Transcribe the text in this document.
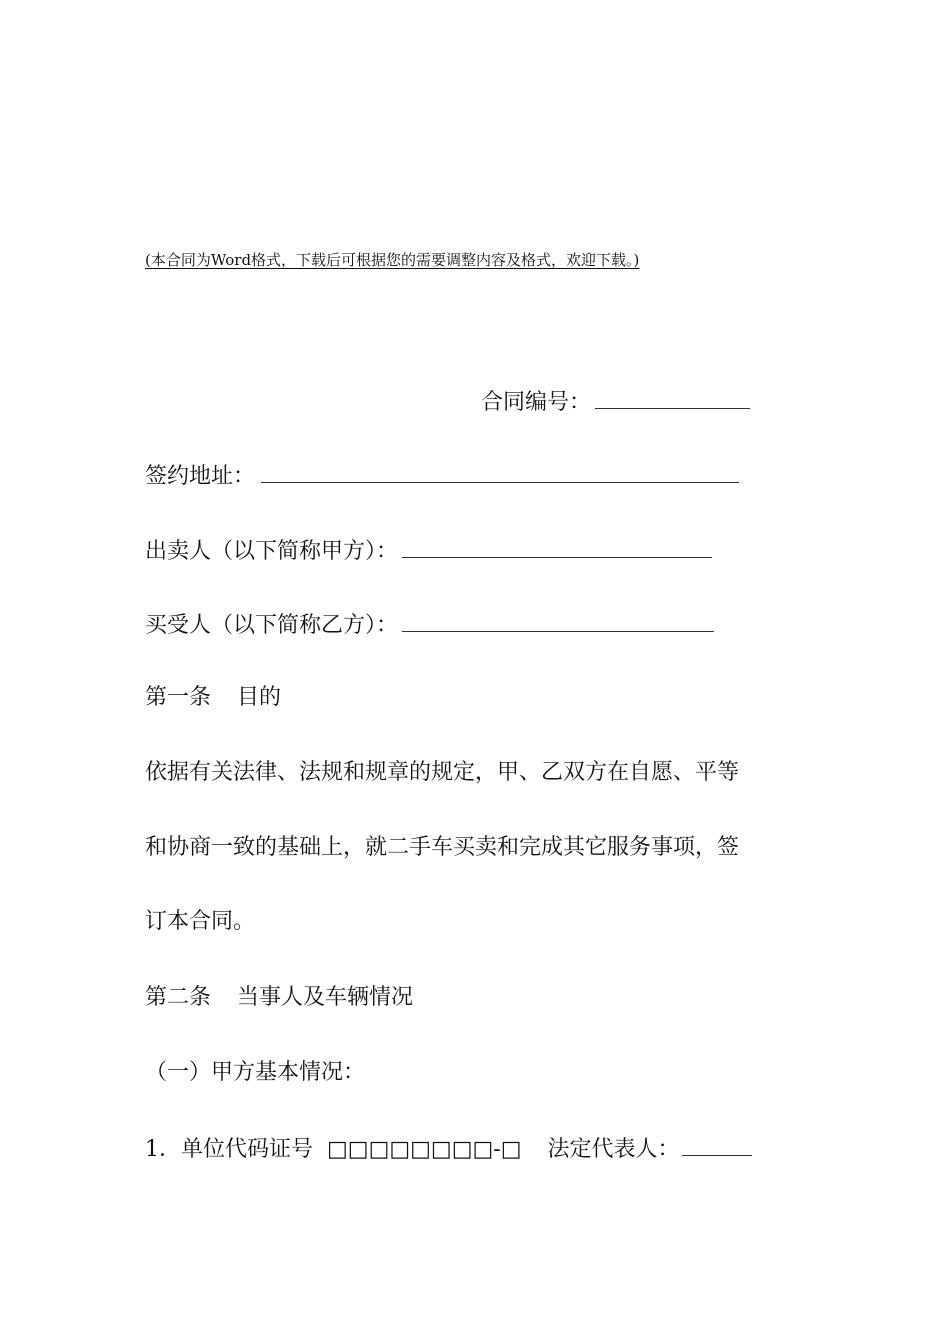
(本合同为Word格式，下载后可根据您的需要调整内容及格式，欢迎下载。)
合同编号：
签约地址：
出卖人（以下简称甲方）：
买受人（以下简称乙方）：
第一条 目的
依据有关法律、法规和规章的规定，甲、乙双方在自愿、平等
和协商一致的基础上，就二手车买卖和完成其它服务事项，签
订本合同。
第二条 当事人及车辆情况
（一）甲方基本情况：
1．单位代码证号 □□□□□□□□-□ 法定代表人：
